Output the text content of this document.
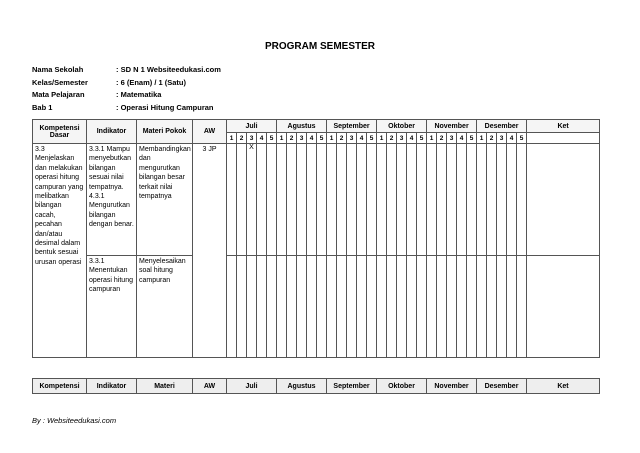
PROGRAM SEMESTER
Nama Sekolah	: SD N 1 Websiteedukasi.com
Kelas/Semester	: 6 (Enam) / 1 (Satu)
Mata Pelajaran	: Matematika
Bab 1	: Operasi Hitung Campuran
Kompetensi Dasar	Indikator	Materi Pokok	AW	Juli					Agustus					September					Oktober					November					Desember					Ket
				1	2	3	4	5	1	2	3	4	5	1	2	3	4	5	1	2	3	4	5	1	2	3	4	5	1	2	3	4	5	
3.3 Menjelaskan dan melakukan operasi hitung campuran yang melibatkan bilangan cacah, pecahan dan/atau desimal dalam bentuk sesuai urusan operasi	3.3.1 Mampu menyebutkan bilangan sesuai nilai tempatnya. 4.3.1 Mengurutkan bilangan dengan benar.	Membandingkan dan mengurutkan bilangan besar terkait nilai tempatnya	3 JP			X																												
	3.3.1 Menentukan operasi hitung campuran	Menyelesaikan soal hitung campuran																																
Kompetensi	Indikator	Materi	AW	Juli	Agustus	September	Oktober	November	Desember	Ket
By : Websiteedukasi.com
